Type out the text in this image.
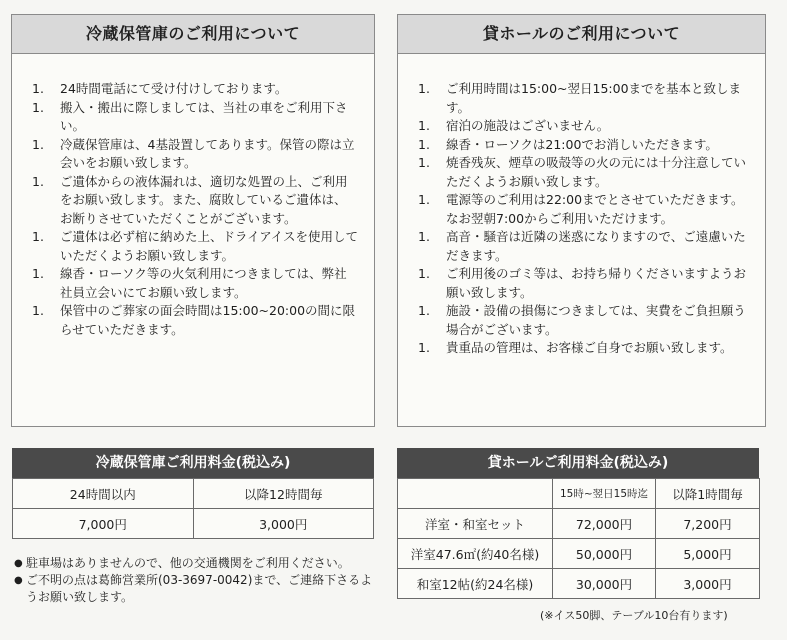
冷蔵保管庫のご利用について
1.	24時間電話にて受け付けしております。
1.	搬入・搬出に際しましては、当社の車をご利用下さい。
1.	冷蔵保管庫は、4基設置してあります。保管の際は立会いをお願い致します。
1.	ご遺体からの液体漏れは、適切な処置の上、ご利用をお願い致します。また、腐敗しているご遺体は、お断りさせていただくことがございます。
1.	ご遺体は必ず棺に納めた上、ドライアイスを使用していただくようお願い致します。
1.	線香・ローソク等の火気利用につきましては、弊社社員立会いにてお願い致します。
1.	保管中のご葬家の面会時間は15:00~20:00の間に限らせていただきます。
貸ホールのご利用について
1.	ご利用時間は15:00~翌日15:00までを基本と致します。
1.	宿泊の施設はございません。
1.	線香・ローソクは21:00でお消しいただきます。
1.	焼香残灰、煙草の吸殻等の火の元には十分注意していただくようお願い致します。
1.	電源等のご利用は22:00までとさせていただきます。なお翌朝7:00からご利用いただけます。
1.	高音・騒音は近隣の迷惑になりますので、ご遠慮いただきます。
1.	ご利用後のゴミ等は、お持ち帰りくださいますようお願い致します。
1.	施設・設備の損傷につきましては、実費をご負担願う場合がございます。
1.	貴重品の管理は、お客様ご自身でお願い致します。
冷蔵保管庫ご利用料金(税込み)
24時間以内	以降12時間毎
7,000円	3,000円
貸ホールご利用料金(税込み)
	15時~翌日15時迄	以降1時間毎
洋室・和室セット	72,000円	7,200円
洋室47.6㎡(約40名様)	50,000円	5,000円
和室12帖(約24名様)	30,000円	3,000円
● 駐車場はありませんので、他の交通機関をご利用ください。
● ご不明の点は葛飾営業所(03-3697-0042)まで、ご連絡下さるようお願い致します。
(※イス50脚、テーブル10台有ります)
